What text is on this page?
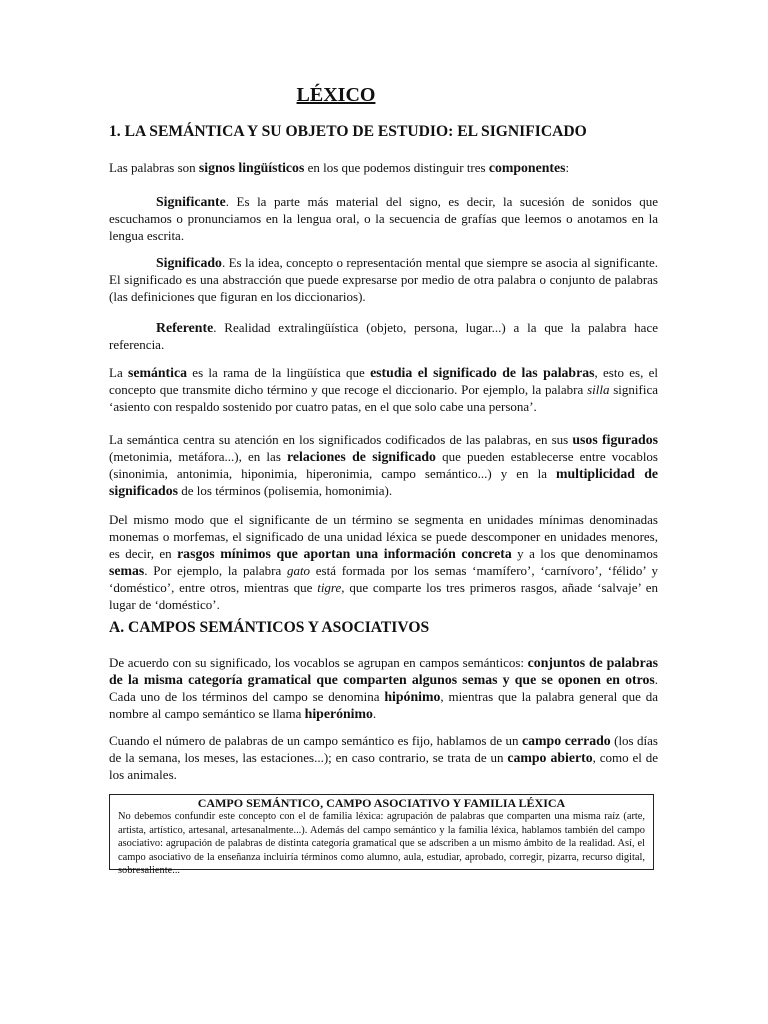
LÉXICO
1. LA SEMÁNTICA Y SU OBJETO DE ESTUDIO: EL SIGNIFICADO

Las palabras son signos lingüísticos en los que podemos distinguir tres componentes:

Significante. Es la parte más material del signo, es decir, la sucesión de sonidos que escuchamos o pronunciamos en la lengua oral, o la secuencia de grafías que leemos o anotamos en la lengua escrita.

Significado. Es la idea, concepto o representación mental que siempre se asocia al significante. El significado es una abstracción que puede expresarse por medio de otra palabra o conjunto de palabras (las definiciones que figuran en los diccionarios).

Referente. Realidad extralingüística (objeto, persona, lugar...) a la que la palabra hace referencia.

La semántica es la rama de la lingüística que estudia el significado de las palabras, esto es, el concepto que transmite dicho término y que recoge el diccionario. Por ejemplo, la palabra silla significa ‘asiento con respaldo sostenido por cuatro patas, en el que solo cabe una persona’.

La semántica centra su atención en los significados codificados de las palabras, en sus usos figurados (metonimia, metáfora...), en las relaciones de significado que pueden establecerse entre vocablos (sinonimia, antonimia, hiponimia, hiperonimia, campo semántico...) y en la multiplicidad de significados de los términos (polisemia, homonimia).

Del mismo modo que el significante de un término se segmenta en unidades mínimas denominadas monemas o morfemas, el significado de una unidad léxica se puede descomponer en unidades menores, es decir, en rasgos mínimos que aportan una información concreta y a los que denominamos semas. Por ejemplo, la palabra gato está formada por los semas ‘mamífero’, ‘carnívoro’, ‘félido’ y ‘doméstico’, entre otros, mientras que tigre, que comparte los tres primeros rasgos, añade ‘salvaje’ en lugar de ‘doméstico’.

A. CAMPOS SEMÁNTICOS Y ASOCIATIVOS

De acuerdo con su significado, los vocablos se agrupan en campos semánticos: conjuntos de palabras de la misma categoría gramatical que comparten algunos semas y que se oponen en otros. Cada uno de los términos del campo se denomina hipónimo, mientras que la palabra general que da nombre al campo semántico se llama hiperónimo.

Cuando el número de palabras de un campo semántico es fijo, hablamos de un campo cerrado (los días de la semana, los meses, las estaciones...); en caso contrario, se trata de un campo abierto, como el de los animales.

CAMPO SEMÁNTICO, CAMPO ASOCIATIVO Y FAMILIA LÉXICA

No debemos confundir este concepto con el de familia léxica: agrupación de palabras que comparten una misma raíz (arte, artista, artístico, artesanal, artesanalmente...). Además del campo semántico y la familia léxica, hablamos también del campo asociativo: agrupación de palabras de distinta categoría gramatical que se adscriben a un mismo ámbito de la realidad. Así, el campo asociativo de la enseñanza incluiría términos como alumno, aula, estudiar, aprobado, corregir, pizarra, recurso digital, sobresaliente...
